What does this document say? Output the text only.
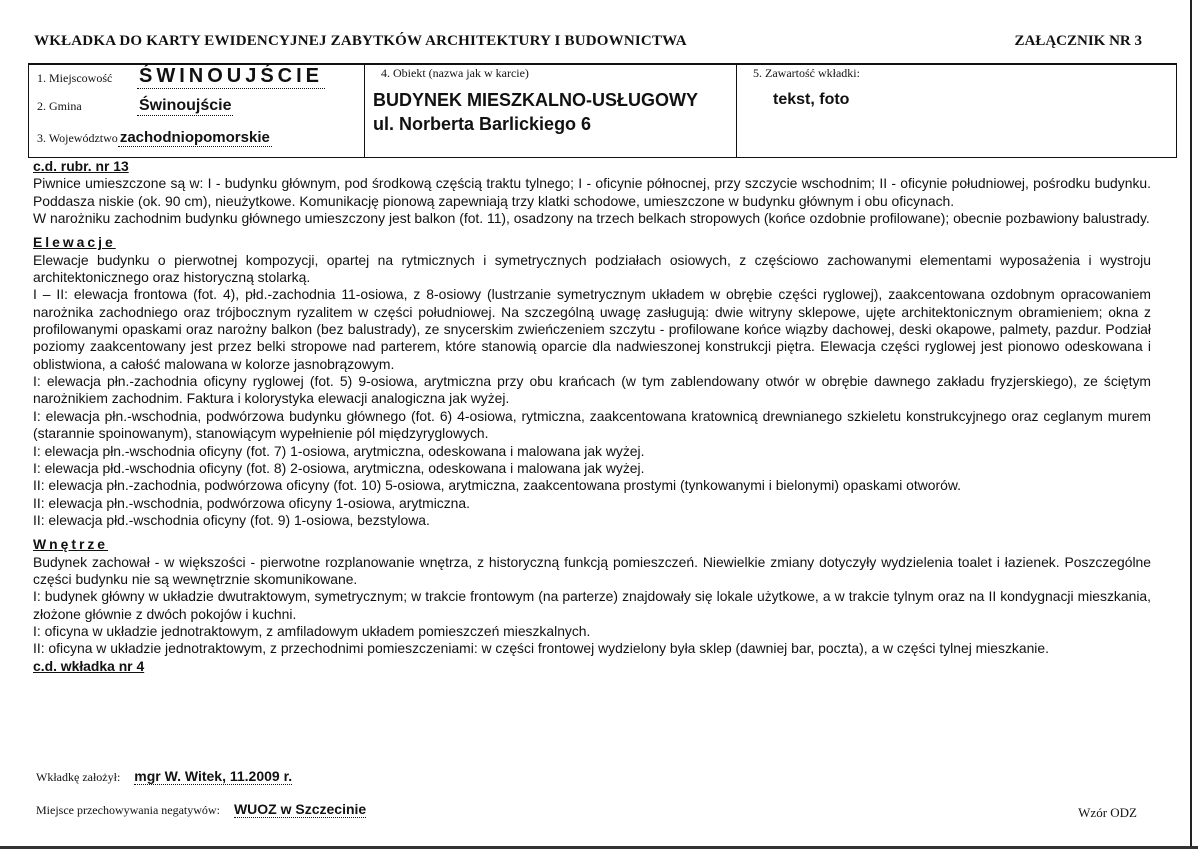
WKŁADKA DO KARTY EWIDENCYJNEJ ZABYTKÓW ARCHITEKTURY I BUDOWNICTWA	ZAŁĄCZNIK NR 3
1. Miejscowość ŚWINOUJŚCIE
2. Gmina	Świnoujście
3. Województwo zachodniopomorskie
4. Obiekt (nazwa jak w karcie)
BUDYNEK MIESZKALNO-USŁUGOWY
ul. Norberta Barlickiego 6
5. Zawartość wkładki:
tekst, foto

c.d. rubr. nr 13

Piwnice umieszczone są w: I - budynku głównym, pod środkową częścią traktu tylnego; I - oficynie północnej, przy szczycie wschodnim; II - oficynie południowej, pośrodku budynku. Poddasza niskie (ok. 90 cm), nieużytkowe. Komunikację pionową zapewniają trzy klatki schodowe, umieszczone w budynku głównym i obu oficynach.

W narożniku zachodnim budynku głównego umieszczony jest balkon (fot. 11), osadzony na trzech belkach stropowych (końce ozdobnie profilowane); obecnie pozbawiony balustrady.

Elewacje

Elewacje budynku o pierwotnej kompozycji, opartej na rytmicznych i symetrycznych podziałach osiowych, z częściowo zachowanymi elementami wyposażenia i wystroju architektonicznego oraz historyczną stolarką.

I – II: elewacja frontowa (fot. 4), płd.-zachodnia 11-osiowa, z 8-osiowy (lustrzanie symetrycznym układem w obrębie części ryglowej), zaakcentowana ozdobnym opracowaniem narożnika zachodniego oraz trójbocznym ryzalitem w części południowej. Na szczególną uwagę zasługują: dwie witryny sklepowe, ujęte architektonicznym obramieniem; okna z profilowanymi opaskami oraz narożny balkon (bez balustrady), ze snycerskim zwieńczeniem szczytu - profilowane końce wiązby dachowej, deski okapowe, palmety, pazdur. Podział poziomy zaakcentowany jest przez belki stropowe nad parterem, które stanowią oparcie dla nadwieszonej konstrukcji piętra. Elewacja części ryglowej jest pionowo odeskowana i oblistwiona, a całość malowana w kolorze jasnobrązowym.

I: elewacja płn.-zachodnia oficyny ryglowej (fot. 5) 9-osiowa, arytmiczna przy obu krańcach (w tym zablendowany otwór w obrębie dawnego zakładu fryzjerskiego), ze ściętym narożnikiem zachodnim. Faktura i kolorystyka elewacji analogiczna jak wyżej.

I: elewacja płn.-wschodnia, podwórzowa budynku głównego (fot. 6) 4-osiowa, rytmiczna, zaakcentowana kratownicą drewnianego szkieletu konstrukcyjnego oraz ceglanym murem (starannie spoinowanym), stanowiącym wypełnienie pól międzyryglowych.

I: elewacja płn.-wschodnia oficyny (fot. 7) 1-osiowa, arytmiczna, odeskowana i malowana jak wyżej.

I: elewacja płd.-wschodnia oficyny (fot. 8) 2-osiowa, arytmiczna, odeskowana i malowana jak wyżej.

II: elewacja płn.-zachodnia, podwórzowa oficyny (fot. 10) 5-osiowa, arytmiczna, zaakcentowana prostymi (tynkowanymi i bielonymi) opaskami otworów.

II: elewacja płn.-wschodnia, podwórzowa oficyny 1-osiowa, arytmiczna.

II: elewacja płd.-wschodnia oficyny (fot. 9) 1-osiowa, bezstylowa.

Wnętrze

Budynek zachował - w większości - pierwotne rozplanowanie wnętrza, z historyczną funkcją pomieszczeń. Niewielkie zmiany dotyczyły wydzielenia toalet i łazienek. Poszczególne części budynku nie są wewnętrznie skomunikowane.

I: budynek główny w układzie dwutraktowym, symetrycznym; w trakcie frontowym (na parterze) znajdowały się lokale użytkowe, a w trakcie tylnym oraz na II kondygnacji mieszkania, złożone głównie z dwóch pokojów i kuchni.

I: oficyna w układzie jednotraktowym, z amfiladowym układem pomieszczeń mieszkalnych.

II: oficyna w układzie jednotraktowym, z przechodnimi pomieszczeniami: w części frontowej wydzielony była sklep (dawniej bar, poczta), a w części tylnej mieszkanie.

c.d. wkładka nr 4

Wkładkę założył: mgr W. Witek, 11.2009 r.
Miejsce przechowywania negatywów: WUOZ w Szczecinie	Wzór ODZ
